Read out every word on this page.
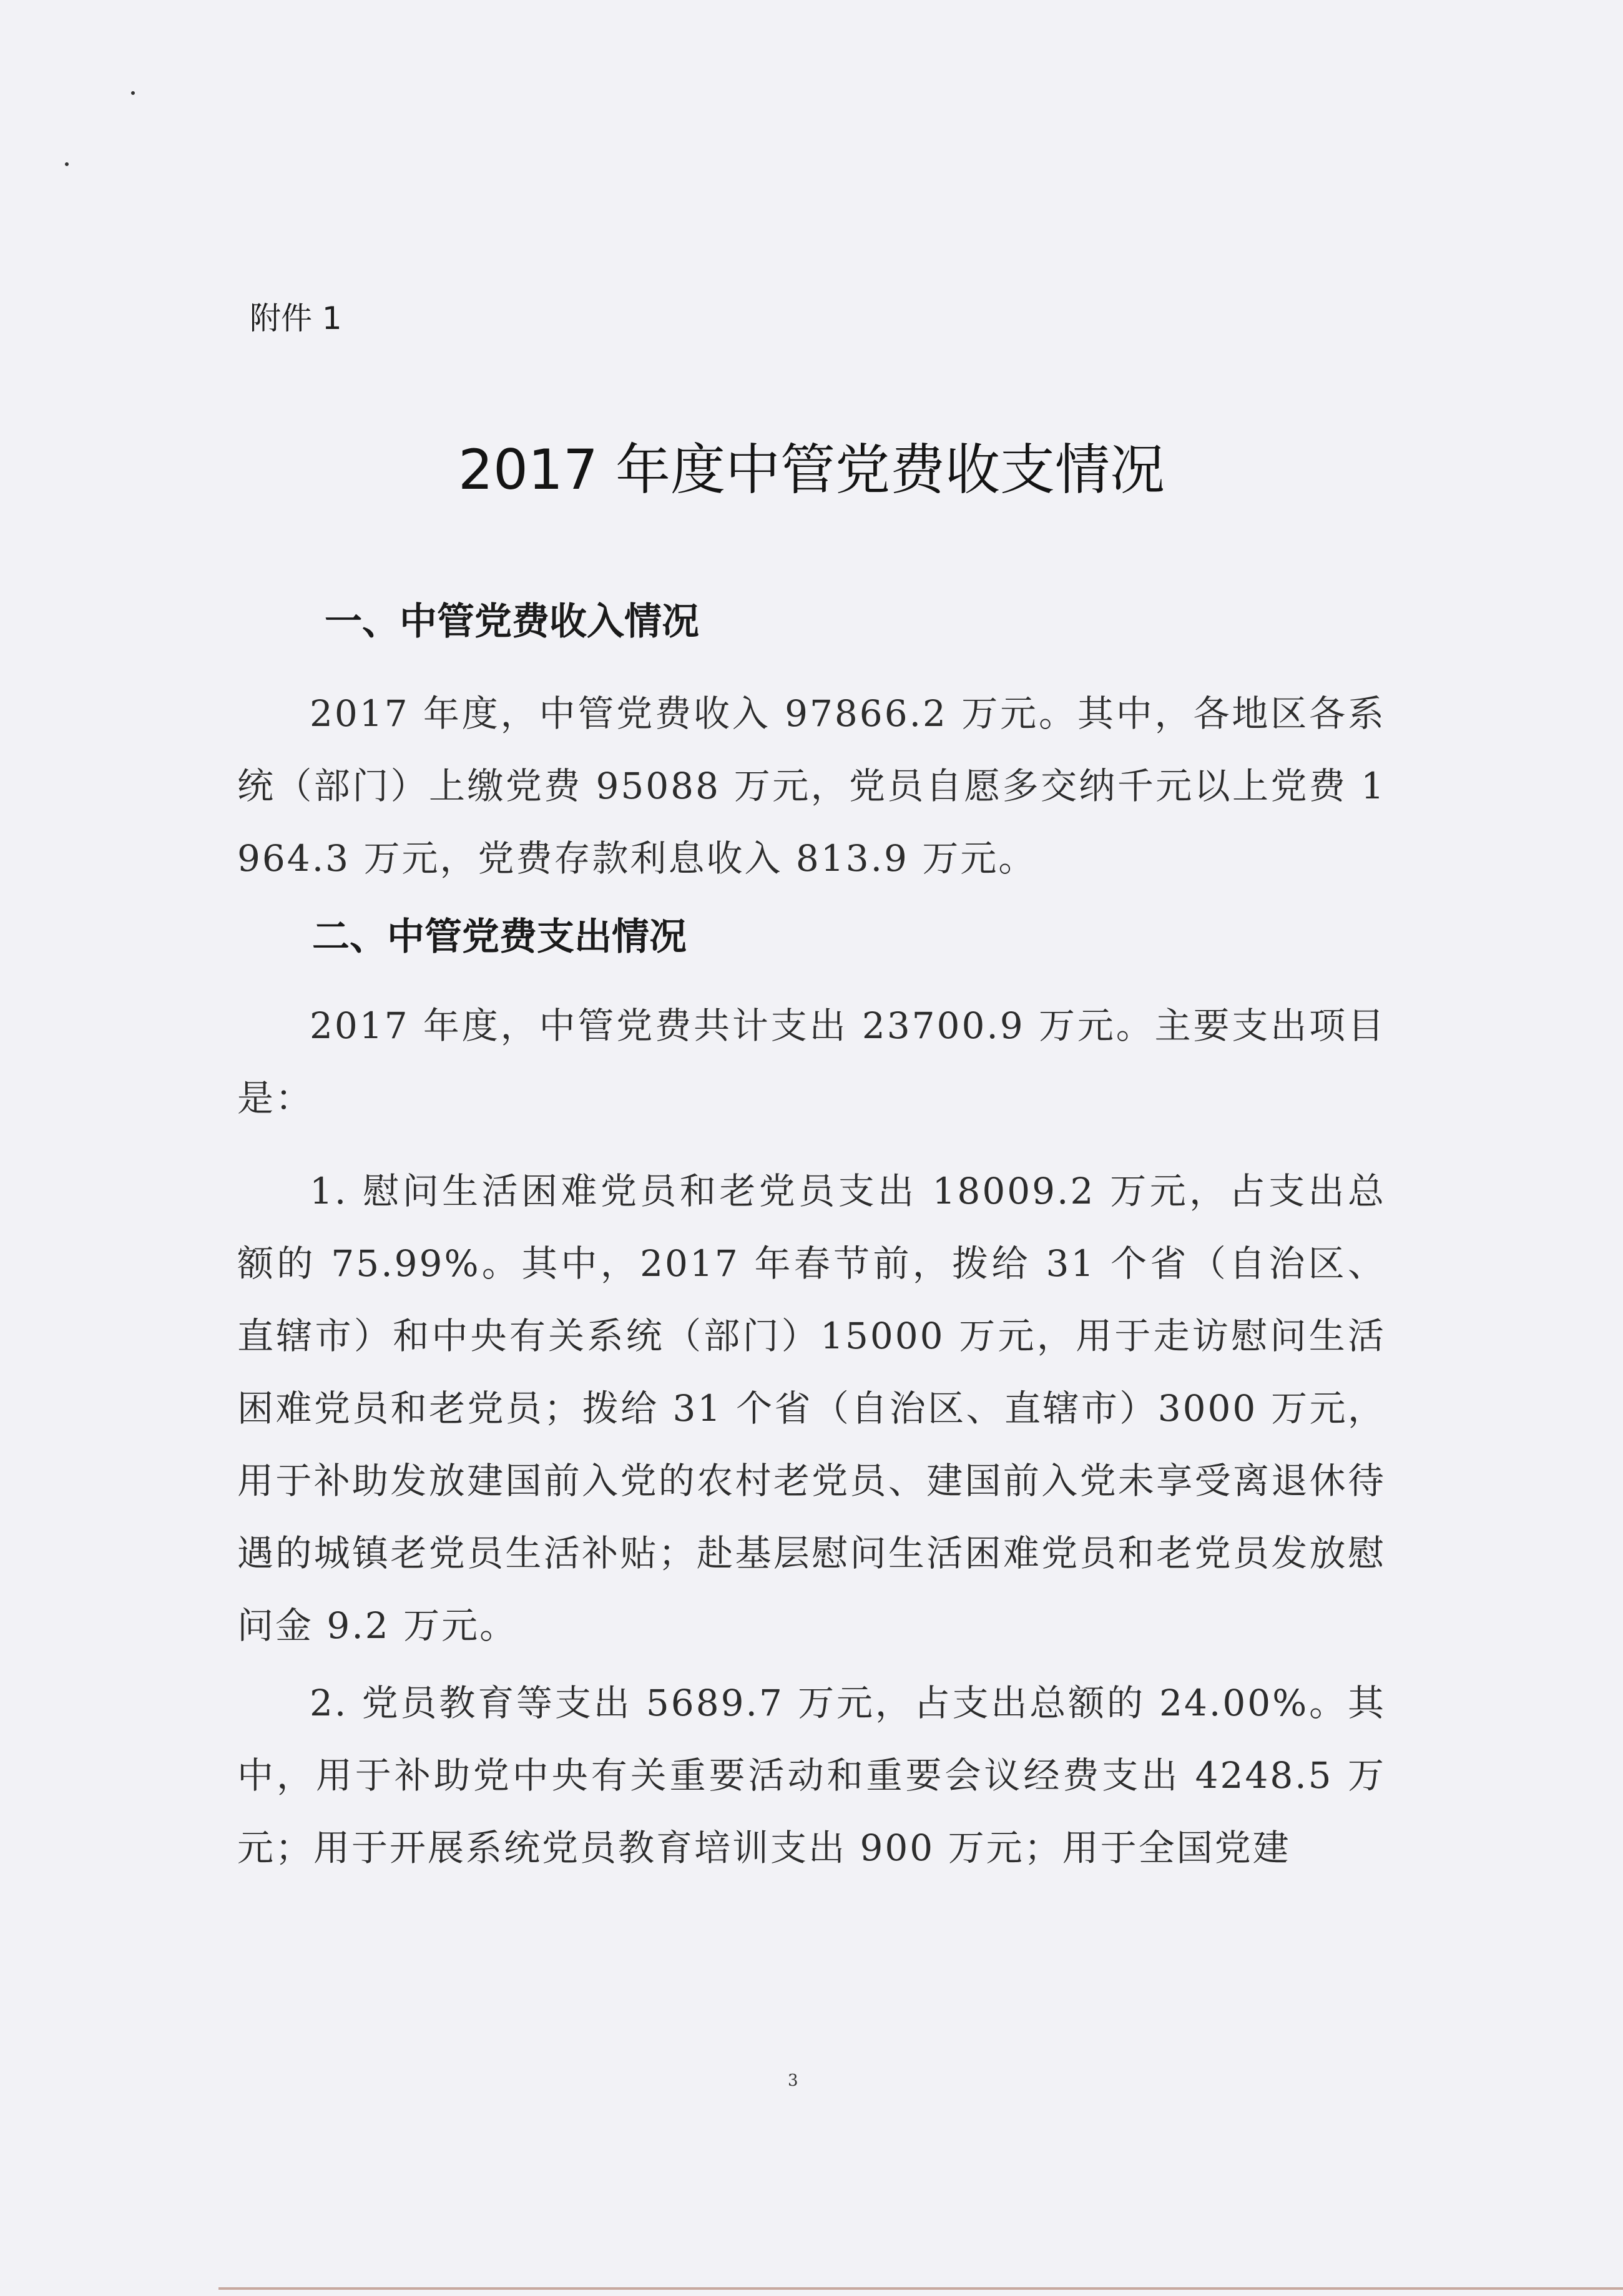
附件 1
2017 年度中管党费收支情况
一、中管党费收入情况
2017 年度，中管党费收入 97866.2 万元。其中，各地区各系统（部门）上缴党费 95088 万元，党员自愿多交纳千元以上党费 1964.3 万元，党费存款利息收入 813.9 万元。
二、中管党费支出情况
2017 年度，中管党费共计支出 23700.9 万元。主要支出项目是：
1. 慰问生活困难党员和老党员支出 18009.2 万元，占支出总额的 75.99%。其中，2017 年春节前，拨给 31 个省（自治区、直辖市）和中央有关系统（部门）15000 万元，用于走访慰问生活困难党员和老党员；拨给 31 个省（自治区、直辖市）3000 万元，用于补助发放建国前入党的农村老党员、建国前入党未享受离退休待遇的城镇老党员生活补贴；赴基层慰问生活困难党员和老党员发放慰问金 9.2 万元。
2. 党员教育等支出 5689.7 万元，占支出总额的 24.00%。其中，用于补助党中央有关重要活动和重要会议经费支出 4248.5 万元；用于开展系统党员教育培训支出 900 万元；用于全国党建
3
